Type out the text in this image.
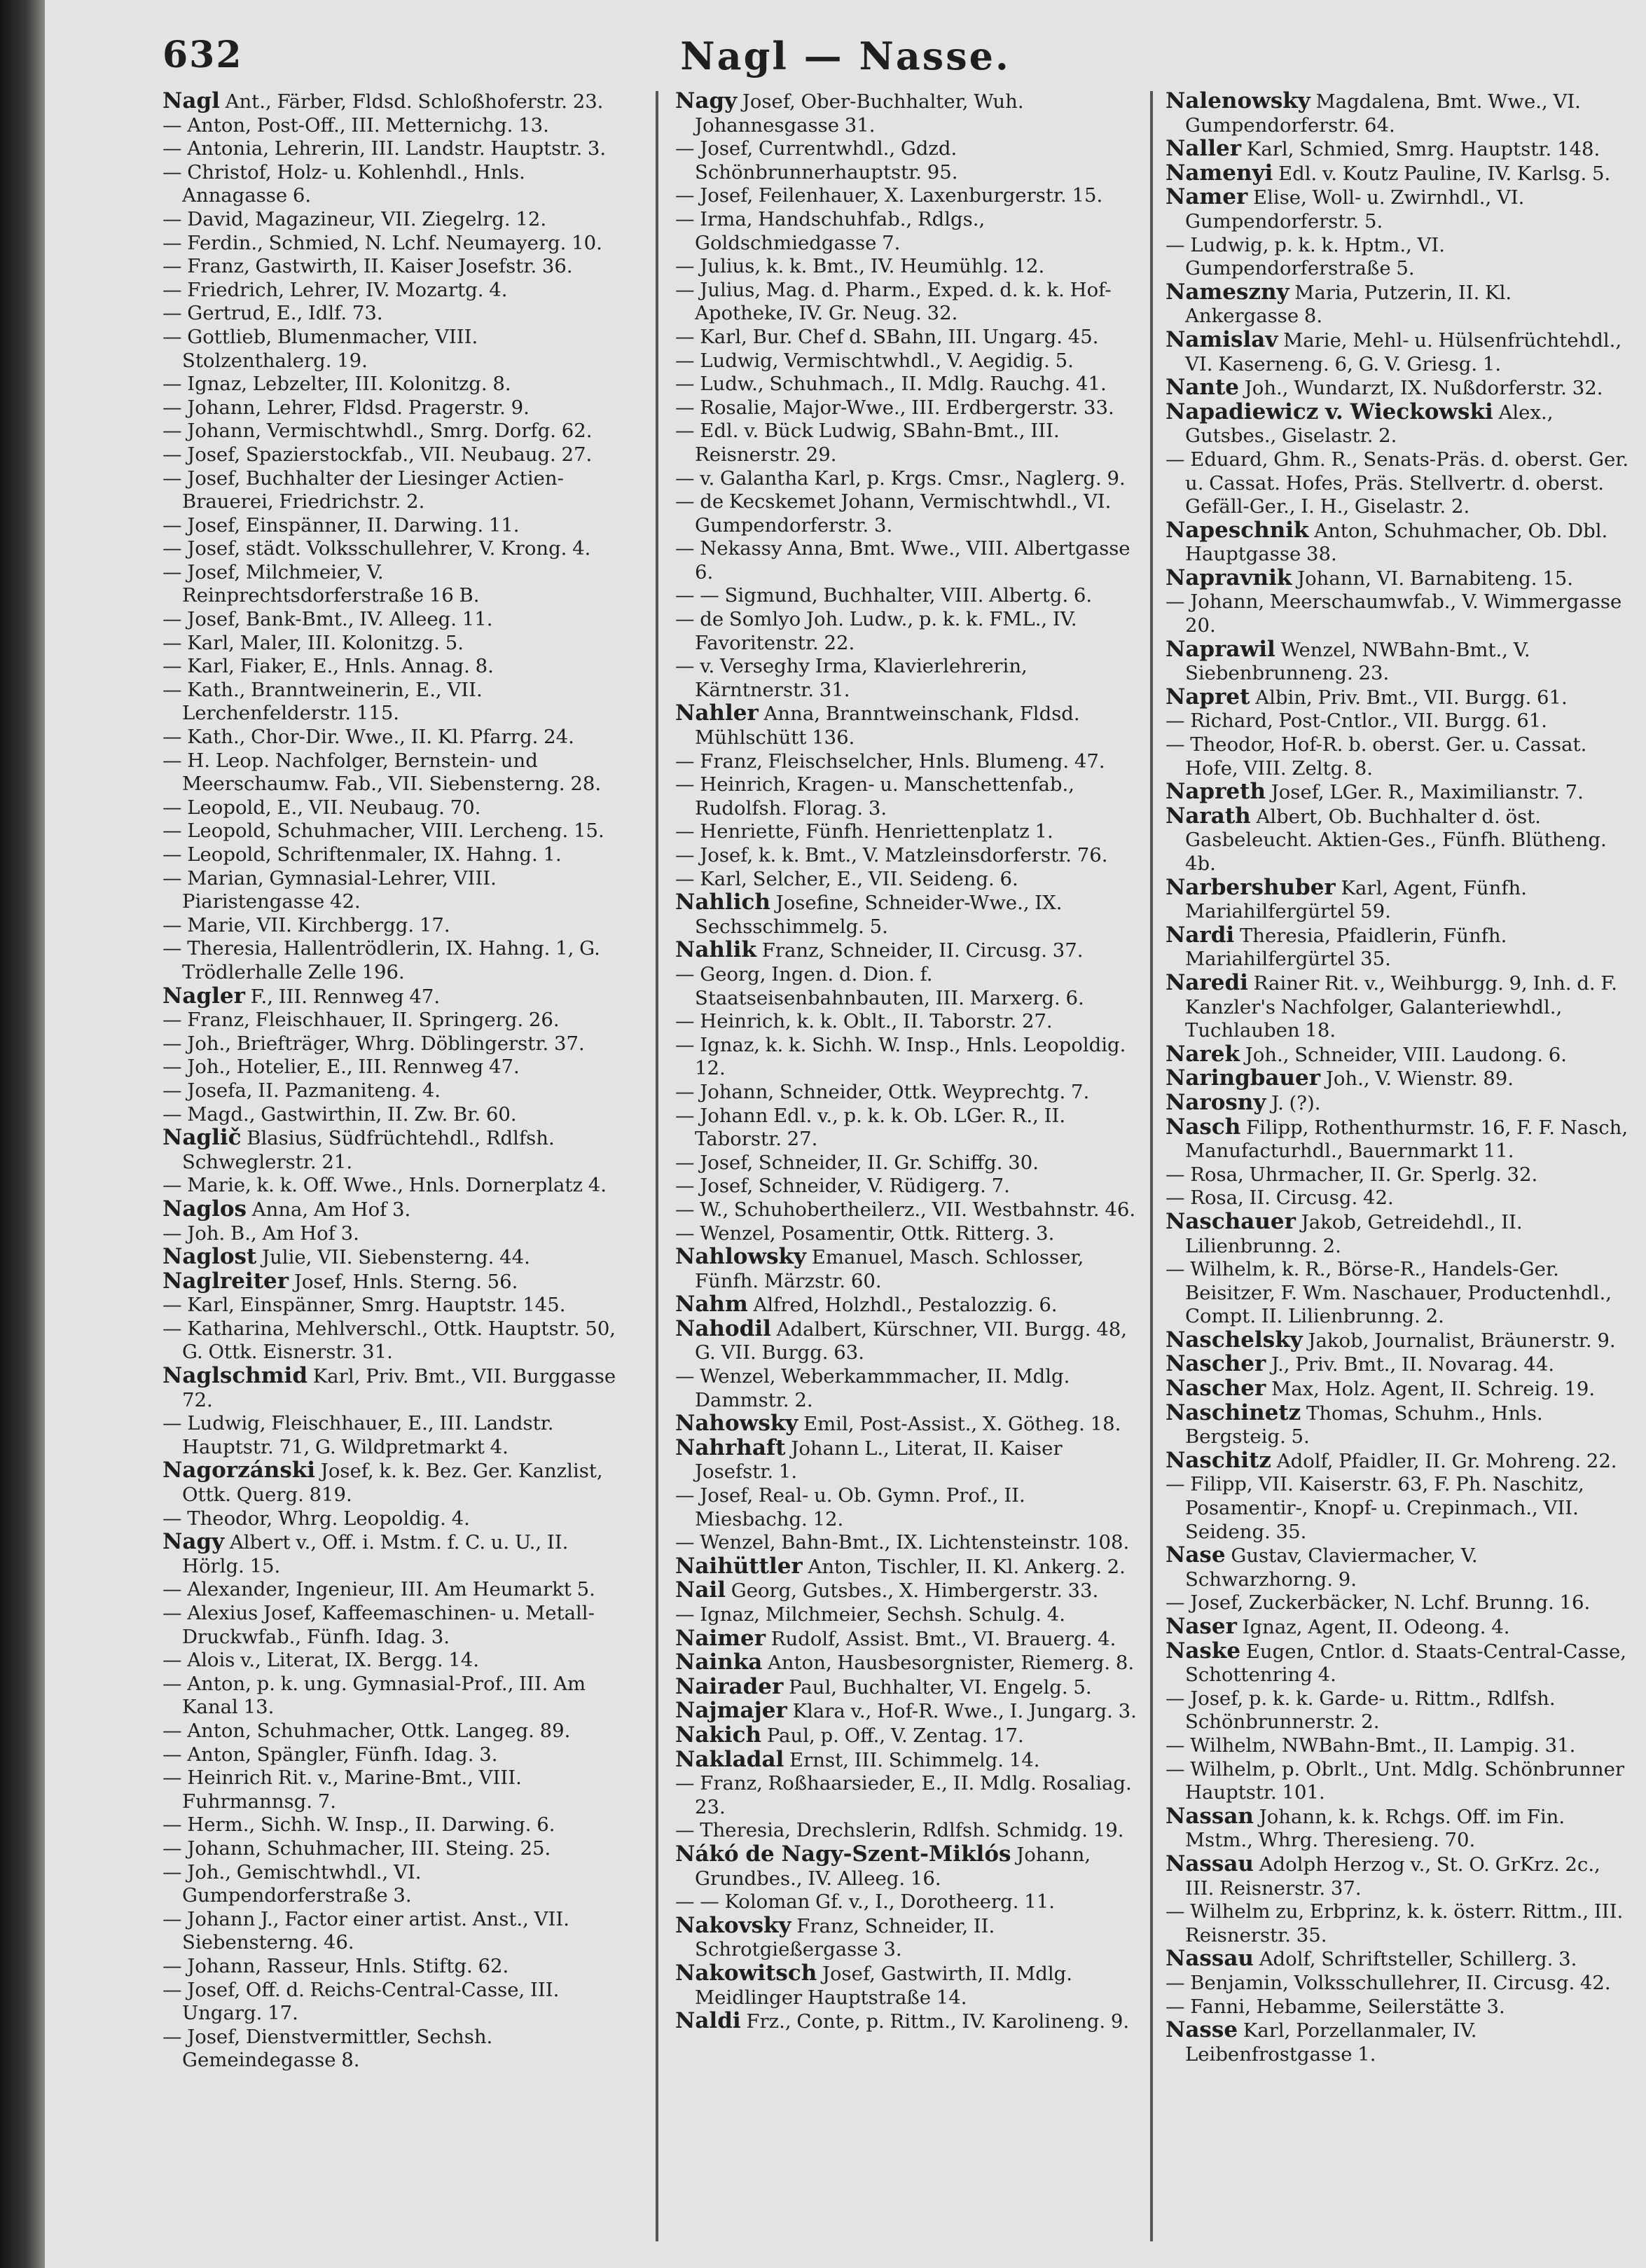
632	Nagl — Nasse.
Nagl Ant., Färber, Fldsd. Schloßhoferstr. 23.
— Anton, Post-Off., III. Metternichg. 13.
— Antonia, Lehrerin, III. Landstr. Hauptstr. 3.
— Christof, Holz- u. Kohlenhdl., Hnls. Annagasse 6.
— David, Magazineur, VII. Ziegelrg. 12.
— Ferdin., Schmied, N. Lchf. Neumayerg. 10.
— Franz, Gastwirth, II. Kaiser Josefstr. 36.
— Friedrich, Lehrer, IV. Mozartg. 4.
— Gertrud, E., Idlf. 73.
— Gottlieb, Blumenmacher, VIII. Stolzenthalerg. 19.
— Ignaz, Lebzelter, III. Kolonitzg. 8.
— Johann, Lehrer, Fldsd. Pragerstr. 9.
— Johann, Vermischtwhdl., Smrg. Dorfg. 62.
— Josef, Spazierstockfab., VII. Neubaug. 27.
— Josef, Buchhalter der Liesinger Actien-Brauerei, Friedrichstr. 2.
— Josef, Einspänner, II. Darwing. 11.
— Josef, städt. Volksschullehrer, V. Krong. 4.
— Josef, Milchmeier, V. Reinprechtsdorferstraße 16 B.
— Josef, Bank-Bmt., IV. Alleeg. 11.
— Karl, Maler, III. Kolonitzg. 5.
— Karl, Fiaker, E., Hnls. Annag. 8.
— Kath., Branntweinerin, E., VII. Lerchenfelderstr. 115.
— Kath., Chor-Dir. Wwe., II. Kl. Pfarrg. 24.
— H. Leop. Nachfolger, Bernstein- und Meerschaumw. Fab., VII. Siebensterng. 28.
— Leopold, E., VII. Neubaug. 70.
— Leopold, Schuhmacher, VIII. Lercheng. 15.
— Leopold, Schriftenmaler, IX. Hahng. 1.
— Marian, Gymnasial-Lehrer, VIII. Piaristengasse 42.
— Marie, VII. Kirchbergg. 17.
— Theresia, Hallentrödlerin, IX. Hahng. 1, G. Trödlerhalle Zelle 196.
Nagler F., III. Rennweg 47.
— Franz, Fleischhauer, II. Springerg. 26.
— Joh., Briefträger, Whrg. Döblingerstr. 37.
— Joh., Hotelier, E., III. Rennweg 47.
— Josefa, II. Pazmaniteng. 4.
— Magd., Gastwirthin, II. Zw. Br. 60.
Naglič Blasius, Südfrüchtehdl., Rdlfsh. Schweglerstr. 21.
— Marie, k. k. Off. Wwe., Hnls. Dornerplatz 4.
Naglos Anna, Am Hof 3.
— Joh. B., Am Hof 3.
Naglost Julie, VII. Siebensterng. 44.
Naglreiter Josef, Hnls. Sterng. 56.
— Karl, Einspänner, Smrg. Hauptstr. 145.
— Katharina, Mehlverschl., Ottk. Hauptstr. 50, G. Ottk. Eisnerstr. 31.
Naglschmid Karl, Priv. Bmt., VII. Burggasse 72.
— Ludwig, Fleischhauer, E., III. Landstr. Hauptstr. 71, G. Wildpretmarkt 4.
Nagorzánski Josef, k. k. Bez. Ger. Kanzlist, Ottk. Querg. 819.
— Theodor, Whrg. Leopoldig. 4.
Nagy Albert v., Off. i. Mstm. f. C. u. U., II. Hörlg. 15.
— Alexander, Ingenieur, III. Am Heumarkt 5.
— Alexius Josef, Kaffeemaschinen- u. Metall-Druckwfab., Fünfh. Idag. 3.
— Alois v., Literat, IX. Bergg. 14.
— Anton, p. k. ung. Gymnasial-Prof., III. Am Kanal 13.
— Anton, Schuhmacher, Ottk. Langeg. 89.
— Anton, Spängler, Fünfh. Idag. 3.
— Heinrich Rit. v., Marine-Bmt., VIII. Fuhrmannsg. 7.
— Herm., Sichh. W. Insp., II. Darwing. 6.
— Johann, Schuhmacher, III. Steing. 25.
— Joh., Gemischtwhdl., VI. Gumpendorferstraße 3.
— Johann J., Factor einer artist. Anst., VII. Siebensterng. 46.
— Johann, Rasseur, Hnls. Stiftg. 62.
— Josef, Off. d. Reichs-Central-Casse, III. Ungarg. 17.
— Josef, Dienstvermittler, Sechsh. Gemeindegasse 8.
Nagy Josef, Ober-Buchhalter, Wuh. Johannesgasse 31.
— Josef, Currentwhdl., Gdzd. Schönbrunnerhauptstr. 95.
— Josef, Feilenhauer, X. Laxenburgerstr. 15.
— Irma, Handschuhfab., Rdlgs., Goldschmiedgasse 7.
— Julius, k. k. Bmt., IV. Heumühlg. 12.
— Julius, Mag. d. Pharm., Exped. d. k. k. Hof-Apotheke, IV. Gr. Neug. 32.
— Karl, Bur. Chef d. SBahn, III. Ungarg. 45.
— Ludwig, Vermischtwhdl., V. Aegidig. 5.
— Ludw., Schuhmach., II. Mdlg. Rauchg. 41.
— Rosalie, Major-Wwe., III. Erdbergerstr. 33.
— Edl. v. Bück Ludwig, SBahn-Bmt., III. Reisnerstr. 29.
— v. Galantha Karl, p. Krgs. Cmsr., Naglerg. 9.
— de Kecskemet Johann, Vermischtwhdl., VI. Gumpendorferstr. 3.
— Nekassy Anna, Bmt. Wwe., VIII. Albertgasse 6.
— — Sigmund, Buchhalter, VIII. Albertg. 6.
— de Somlyo Joh. Ludw., p. k. k. FML., IV. Favoritenstr. 22.
— v. Verseghy Irma, Klavierlehrerin, Kärntnerstr. 31.
Nahler Anna, Branntweinschank, Fldsd. Mühlschütt 136.
— Franz, Fleischselcher, Hnls. Blumeng. 47.
— Heinrich, Kragen- u. Manschettenfab., Rudolfsh. Florag. 3.
— Henriette, Fünfh. Henriettenplatz 1.
— Josef, k. k. Bmt., V. Matzleinsdorferstr. 76.
— Karl, Selcher, E., VII. Seideng. 6.
Nahlich Josefine, Schneider-Wwe., IX. Sechsschimmelg. 5.
Nahlik Franz, Schneider, II. Circusg. 37.
— Georg, Ingen. d. Dion. f. Staatseisenbahnbauten, III. Marxerg. 6.
— Heinrich, k. k. Oblt., II. Taborstr. 27.
— Ignaz, k. k. Sichh. W. Insp., Hnls. Leopoldig. 12.
— Johann, Schneider, Ottk. Weyprechtg. 7.
— Johann Edl. v., p. k. k. Ob. LGer. R., II. Taborstr. 27.
— Josef, Schneider, II. Gr. Schiffg. 30.
— Josef, Schneider, V. Rüdigerg. 7.
— W., Schuhobertheilerz., VII. Westbahnstr. 46.
— Wenzel, Posamentir, Ottk. Ritterg. 3.
Nahlowsky Emanuel, Masch. Schlosser, Fünfh. Märzstr. 60.
Nahm Alfred, Holzhdl., Pestalozzig. 6.
Nahodil Adalbert, Kürschner, VII. Burgg. 48, G. VII. Burgg. 63.
— Wenzel, Weberkammmacher, II. Mdlg. Dammstr. 2.
Nahowsky Emil, Post-Assist., X. Götheg. 18.
Nahrhaft Johann L., Literat, II. Kaiser Josefstr. 1.
— Josef, Real- u. Ob. Gymn. Prof., II. Miesbachg. 12.
— Wenzel, Bahn-Bmt., IX. Lichtensteinstr. 108.
Naihüttler Anton, Tischler, II. Kl. Ankerg. 2.
Nail Georg, Gutsbes., X. Himbergerstr. 33.
— Ignaz, Milchmeier, Sechsh. Schulg. 4.
Naimer Rudolf, Assist. Bmt., VI. Brauerg. 4.
Nainka Anton, Hausbesorgnister, Riemerg. 8.
Nairader Paul, Buchhalter, VI. Engelg. 5.
Najmajer Klara v., Hof-R. Wwe., I. Jungarg. 3.
Nakich Paul, p. Off., V. Zentag. 17.
Nakladal Ernst, III. Schimmelg. 14.
— Franz, Roßhaarsieder, E., II. Mdlg. Rosaliag. 23.
— Theresia, Drechslerin, Rdlfsh. Schmidg. 19.
Nákó de Nagy-Szent-Miklós Johann, Grundbes., IV. Alleeg. 16.
— — Koloman Gf. v., I., Dorotheerg. 11.
Nakovsky Franz, Schneider, II. Schrotgießergasse 3.
Nakowitsch Josef, Gastwirth, II. Mdlg. Meidlinger Hauptstraße 14.
Naldi Frz., Conte, p. Rittm., IV. Karolineng. 9.
Nalenowsky Magdalena, Bmt. Wwe., VI. Gumpendorferstr. 64.
Naller Karl, Schmied, Smrg. Hauptstr. 148.
Namenyi Edl. v. Koutz Pauline, IV. Karlsg. 5.
Namer Elise, Woll- u. Zwirnhdl., VI. Gumpendorferstr. 5.
— Ludwig, p. k. k. Hptm., VI. Gumpendorferstraße 5.
Nameszny Maria, Putzerin, II. Kl. Ankergasse 8.
Namislav Marie, Mehl- u. Hülsenfrüchtehdl., VI. Kaserneng. 6, G. V. Griesg. 1.
Nante Joh., Wundarzt, IX. Nußdorferstr. 32.
Napadiewicz v. Wieckowski Alex., Gutsbes., Giselastr. 2.
— Eduard, Ghm. R., Senats-Präs. d. oberst. Ger. u. Cassat. Hofes, Präs. Stellvertr. d. oberst. Gefäll-Ger., I. H., Giselastr. 2.
Napeschnik Anton, Schuhmacher, Ob. Dbl. Hauptgasse 38.
Napravnik Johann, VI. Barnabiteng. 15.
— Johann, Meerschaumwfab., V. Wimmergasse 20.
Naprawil Wenzel, NWBahn-Bmt., V. Siebenbrunneng. 23.
Napret Albin, Priv. Bmt., VII. Burgg. 61.
— Richard, Post-Cntlor., VII. Burgg. 61.
— Theodor, Hof-R. b. oberst. Ger. u. Cassat. Hofe, VIII. Zeltg. 8.
Napreth Josef, LGer. R., Maximilianstr. 7.
Narath Albert, Ob. Buchhalter d. öst. Gasbeleucht. Aktien-Ges., Fünfh. Blütheng. 4b.
Narbershuber Karl, Agent, Fünfh. Mariahilfergürtel 59.
Nardi Theresia, Pfaidlerin, Fünfh. Mariahilfergürtel 35.
Naredi Rainer Rit. v., Weihburgg. 9, Inh. d. F. Kanzler's Nachfolger, Galanteriewhdl., Tuchlauben 18.
Narek Joh., Schneider, VIII. Laudong. 6.
Naringbauer Joh., V. Wienstr. 89.
Narosny J. (?).
Nasch Filipp, Rothenthurmstr. 16, F. F. Nasch, Manufacturhdl., Bauernmarkt 11.
— Rosa, Uhrmacher, II. Gr. Sperlg. 32.
— Rosa, II. Circusg. 42.
Naschauer Jakob, Getreidehdl., II. Lilienbrunng. 2.
— Wilhelm, k. R., Börse-R., Handels-Ger. Beisitzer, F. Wm. Naschauer, Productenhdl., Compt. II. Lilienbrunng. 2.
Naschelsky Jakob, Journalist, Bräunerstr. 9.
Nascher J., Priv. Bmt., II. Novarag. 44.
Nascher Max, Holz. Agent, II. Schreig. 19.
Naschinetz Thomas, Schuhm., Hnls. Bergsteig. 5.
Naschitz Adolf, Pfaidler, II. Gr. Mohreng. 22.
— Filipp, VII. Kaiserstr. 63, F. Ph. Naschitz, Posamentir-, Knopf- u. Crepinmach., VII. Seideng. 35.
Nase Gustav, Claviermacher, V. Schwarzhorng. 9.
— Josef, Zuckerbäcker, N. Lchf. Brunng. 16.
Naser Ignaz, Agent, II. Odeong. 4.
Naske Eugen, Cntlor. d. Staats-Central-Casse, Schottenring 4.
— Josef, p. k. k. Garde- u. Rittm., Rdlfsh. Schönbrunnerstr. 2.
— Wilhelm, NWBahn-Bmt., II. Lampig. 31.
— Wilhelm, p. Obrlt., Unt. Mdlg. Schönbrunner Hauptstr. 101.
Nassan Johann, k. k. Rchgs. Off. im Fin. Mstm., Whrg. Theresieng. 70.
Nassau Adolph Herzog v., St. O. GrKrz. 2c., III. Reisnerstr. 37.
— Wilhelm zu, Erbprinz, k. k. österr. Rittm., III. Reisnerstr. 35.
Nassau Adolf, Schriftsteller, Schillerg. 3.
— Benjamin, Volksschullehrer, II. Circusg. 42.
— Fanni, Hebamme, Seilerstätte 3.
Nasse Karl, Porzellanmaler, IV. Leibenfrostgasse 1.
